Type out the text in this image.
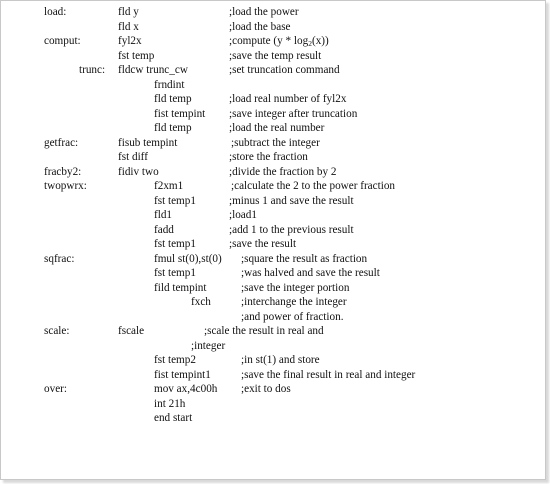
load:	fld y	;load the power
fld x	;load the base
comput:	fyl2x	;compute $(y * \log_2(x))$
fst temp	;save the temp result
trunc: fldcw trunc_cw	;set truncation command
frndint
fld temp	;load real number of fyl2x
fist tempint ;save integer after truncation
fld temp	;load the real number
getfrac:	fisub tempint	;subtract the integer
fst diff	;store the fraction
fracby2:	fidiv two	;divide the fraction by 2
twopwrx:	f2xm1	;calculate the 2 to the power fraction
fst temp1	;minus 1 and save the result
fld1	;load1
fadd	;add 1 to the previous result
fst temp1	;save the result
sqfrac:	fmul st(0),st(0) ;square the result as fraction
fst temp1	;was halved and save the result
fild tempint	;save the integer portion
fxch	;interchange the integer
;and power of fraction.
scale:	fscale	;scale the result in real and
;integer
fst temp2	;in st(1) and store
fist tempint1	;save the final result in real and integer
over:	mov ax,4c00h ;exit to dos
int 21h
end start
